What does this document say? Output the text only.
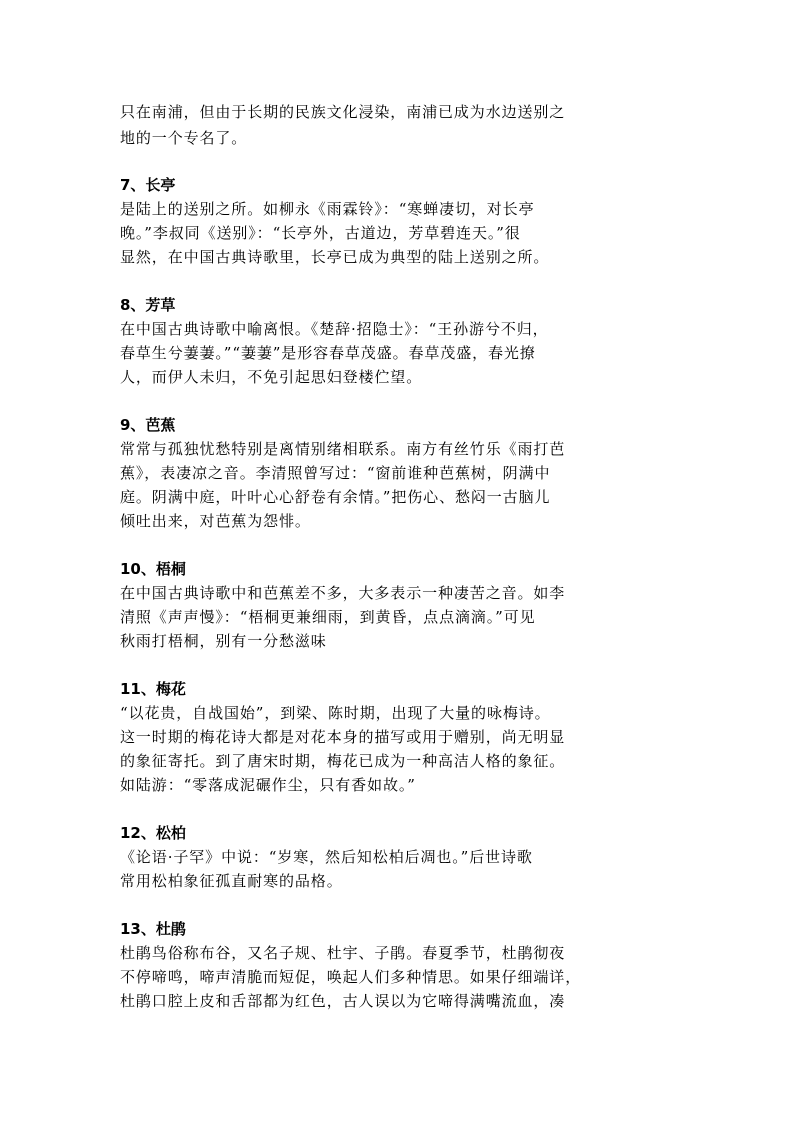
只在南浦，但由于长期的民族文化浸染，南浦已成为水边送别之
地的一个专名了。
7、长亭
是陆上的送别之所。如柳永《雨霖铃》：“寒蝉凄切，对长亭
晚。”李叔同《送别》：“长亭外，古道边，芳草碧连天。”很
显然，在中国古典诗歌里，长亭已成为典型的陆上送别之所。
8、芳草
在中国古典诗歌中喻离恨。《楚辞·招隐士》：“王孙游兮不归，
春草生兮萋萋。”“萋萋”是形容春草茂盛。春草茂盛，春光撩
人，而伊人未归，不免引起思妇登楼伫望。
9、芭蕉
常常与孤独忧愁特别是离情别绪相联系。南方有丝竹乐《雨打芭
蕉》，表凄凉之音。李清照曾写过：“窗前谁种芭蕉树，阴满中
庭。阴满中庭，叶叶心心舒卷有余情。”把伤心、愁闷一古脑儿
倾吐出来，对芭蕉为怨悱。
10、梧桐
在中国古典诗歌中和芭蕉差不多，大多表示一种凄苦之音。如李
清照《声声慢》：“梧桐更兼细雨，到黄昏，点点滴滴。”可见
秋雨打梧桐，别有一分愁滋味
11、梅花
“以花贵，自战国始”，到梁、陈时期，出现了大量的咏梅诗。
这一时期的梅花诗大都是对花本身的描写或用于赠别，尚无明显
的象征寄托。到了唐宋时期，梅花已成为一种高洁人格的象征。
如陆游：“零落成泥碾作尘，只有香如故。”
12、松柏
《论语·子罕》中说：“岁寒，然后知松柏后凋也。”后世诗歌
常用松柏象征孤直耐寒的品格。
13、杜鹃
杜鹃鸟俗称布谷，又名子规、杜宇、子鹃。春夏季节，杜鹃彻夜
不停啼鸣，啼声清脆而短促，唤起人们多种情思。如果仔细端详，
杜鹃口腔上皮和舌部都为红色，古人误以为它啼得满嘴流血，凑
